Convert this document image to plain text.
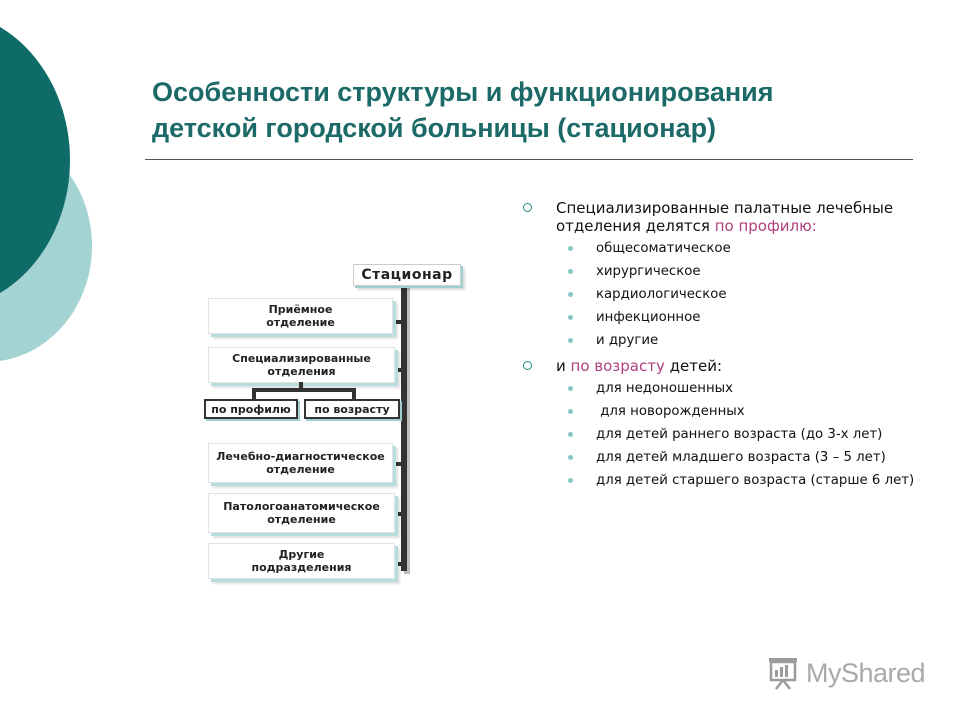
Особенности структуры и функционирования
детской городской больницы (стационар)
Стационар
Приёмное
отделение
Специализированные
отделения
по профилю	по возрасту
Лечебно-диагностическое
отделение
Патологоанатомическое
отделение
Другие
подразделения
Специализированные палатные лечебные отделения делятся по профилю:
общесоматическое
хирургическое
кардиологическое
инфекционное
и другие
и по возрасту детей:
для недоношенных
для новорожденных
для детей раннего возраста (до 3-х лет)
для детей младшего возраста (3 – 5 лет)
для детей старшего возраста (старше 6 лет)
MyShared
